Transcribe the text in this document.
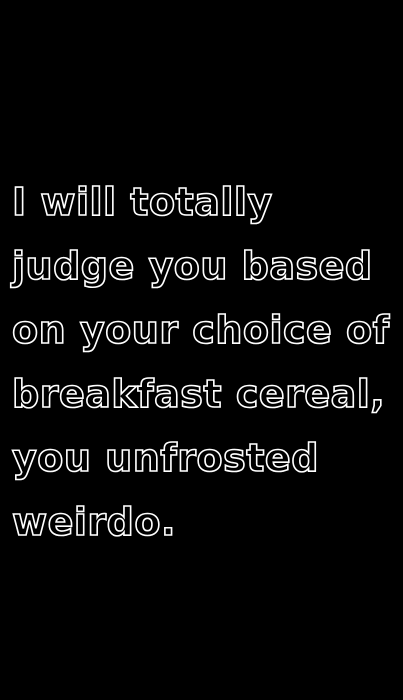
I will totally
judge you based
on your choice of
breakfast cereal,
you unfrosted
weirdo.
